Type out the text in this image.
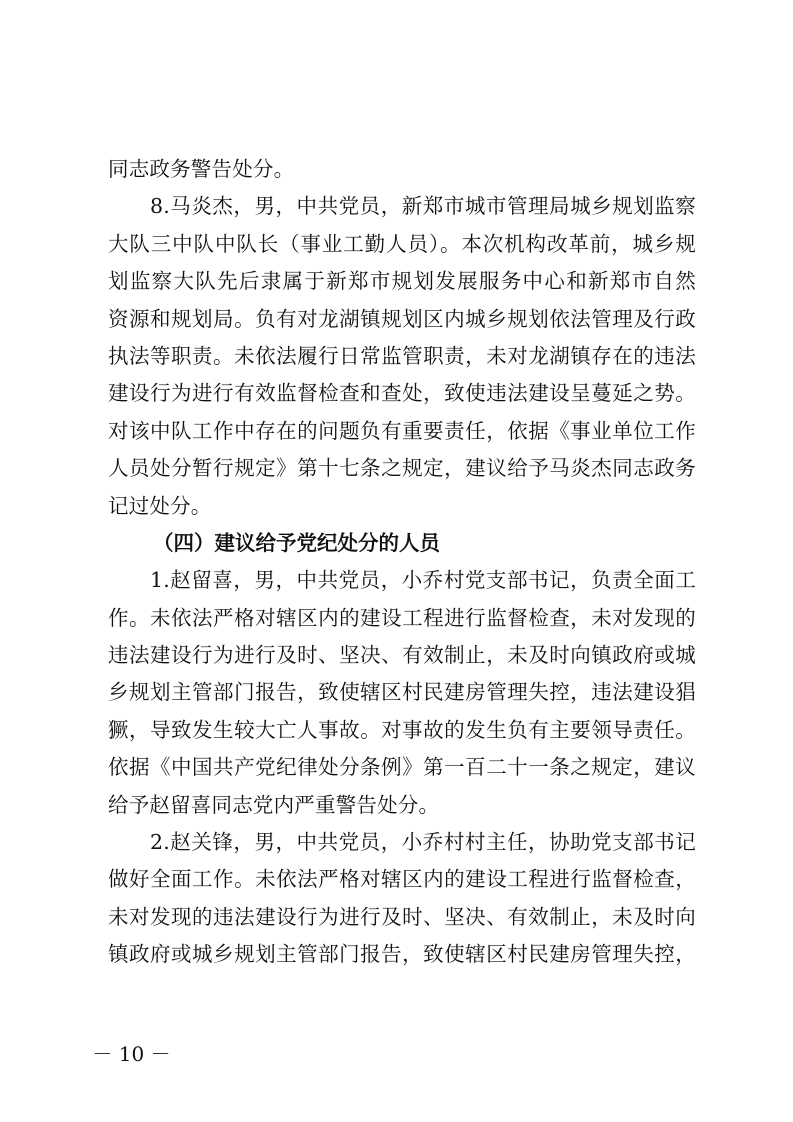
同志政务警告处分。
8.马炎杰，男，中共党员，新郑市城市管理局城乡规划监察
大队三中队中队长（事业工勤人员）。本次机构改革前，城乡规
划监察大队先后隶属于新郑市规划发展服务中心和新郑市自然
资源和规划局。负有对龙湖镇规划区内城乡规划依法管理及行政
执法等职责。未依法履行日常监管职责，未对龙湖镇存在的违法
建设行为进行有效监督检查和查处，致使违法建设呈蔓延之势。
对该中队工作中存在的问题负有重要责任，依据《事业单位工作
人员处分暂行规定》第十七条之规定，建议给予马炎杰同志政务
记过处分。
（四）建议给予党纪处分的人员
1.赵留喜，男，中共党员，小乔村党支部书记，负责全面工
作。未依法严格对辖区内的建设工程进行监督检查，未对发现的
违法建设行为进行及时、坚决、有效制止，未及时向镇政府或城
乡规划主管部门报告，致使辖区村民建房管理失控，违法建设猖
獗，导致发生较大亡人事故。对事故的发生负有主要领导责任。
依据《中国共产党纪律处分条例》第一百二十一条之规定，建议
给予赵留喜同志党内严重警告处分。
2.赵关锋，男，中共党员，小乔村村主任，协助党支部书记
做好全面工作。未依法严格对辖区内的建设工程进行监督检查，
未对发现的违法建设行为进行及时、坚决、有效制止，未及时向
镇政府或城乡规划主管部门报告，致使辖区村民建房管理失控，
－ 10 －
